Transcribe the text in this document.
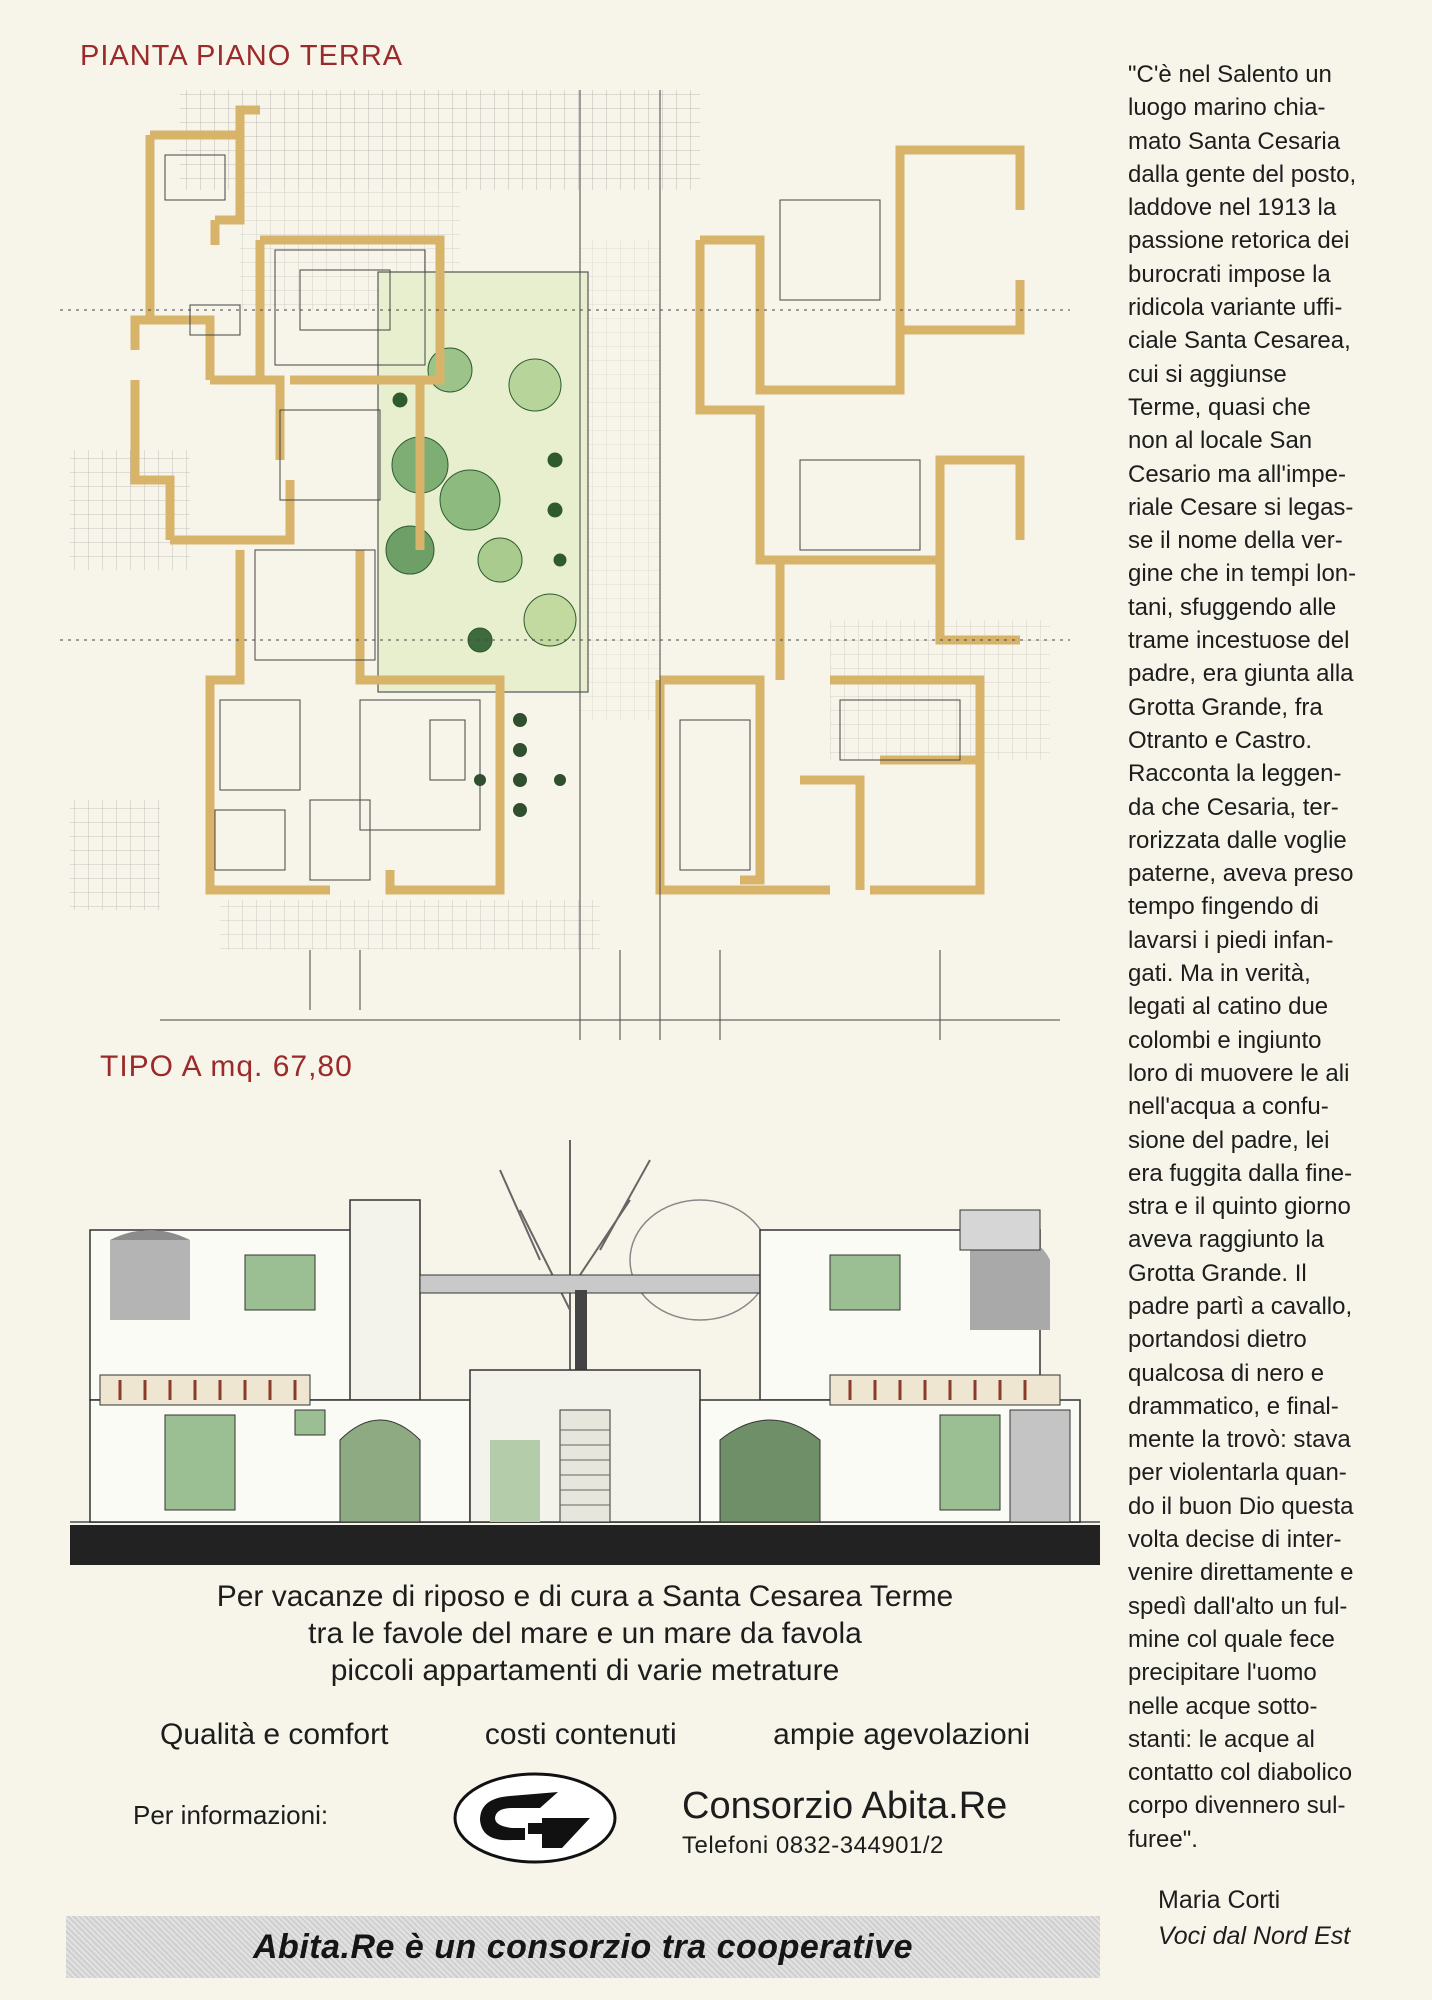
PIANTA PIANO TERRA
TIPO A mq. 67,80

"C'è nel Salento un

luogo marino chia-

mato Santa Cesaria

dalla gente del posto,

laddove nel 1913 la

passione retorica dei

burocrati impose la

ridicola variante uffi-

ciale Santa Cesarea,

cui si aggiunse

Terme, quasi che

non al locale San

Cesario ma all'impe-

riale Cesare si legas-

se il nome della ver-

gine che in tempi lon-

tani, sfuggendo alle

trame incestuose del

padre, era giunta alla

Grotta Grande, fra

Otranto e Castro.

Racconta la leggen-

da che Cesaria, ter-

rorizzata dalle voglie

paterne, aveva preso

tempo fingendo di

lavarsi i piedi infan-

gati. Ma in verità,

legati al catino due

colombi e ingiunto

loro di muovere le ali

nell'acqua a confu-

sione del padre, lei

era fuggita dalla fine-

stra e il quinto giorno

aveva raggiunto la

Grotta Grande. Il

padre partì a cavallo,

portandosi dietro

qualcosa di nero e

drammatico, e final-

mente la trovò: stava

per violentarla quan-

do il buon Dio questa

volta decise di inter-

venire direttamente e

spedì dall'alto un ful-

mine col quale fece

precipitare l'uomo

nelle acque sotto-

stanti: le acque al

contatto col diabolico

corpo divennero sul-

furee".

Maria Corti
Voci dal Nord Est
Per vacanze di riposo e di cura a Santa Cesarea Terme
tra le favole del mare e un mare da favola
piccoli appartamenti di varie metrature
Qualità e comfort	costi contenuti	ampie agevolazioni
Per informazioni:	Consorzio Abita.Re
Telefoni 0832-344901/2
Abita.Re è un consorzio tra cooperative
